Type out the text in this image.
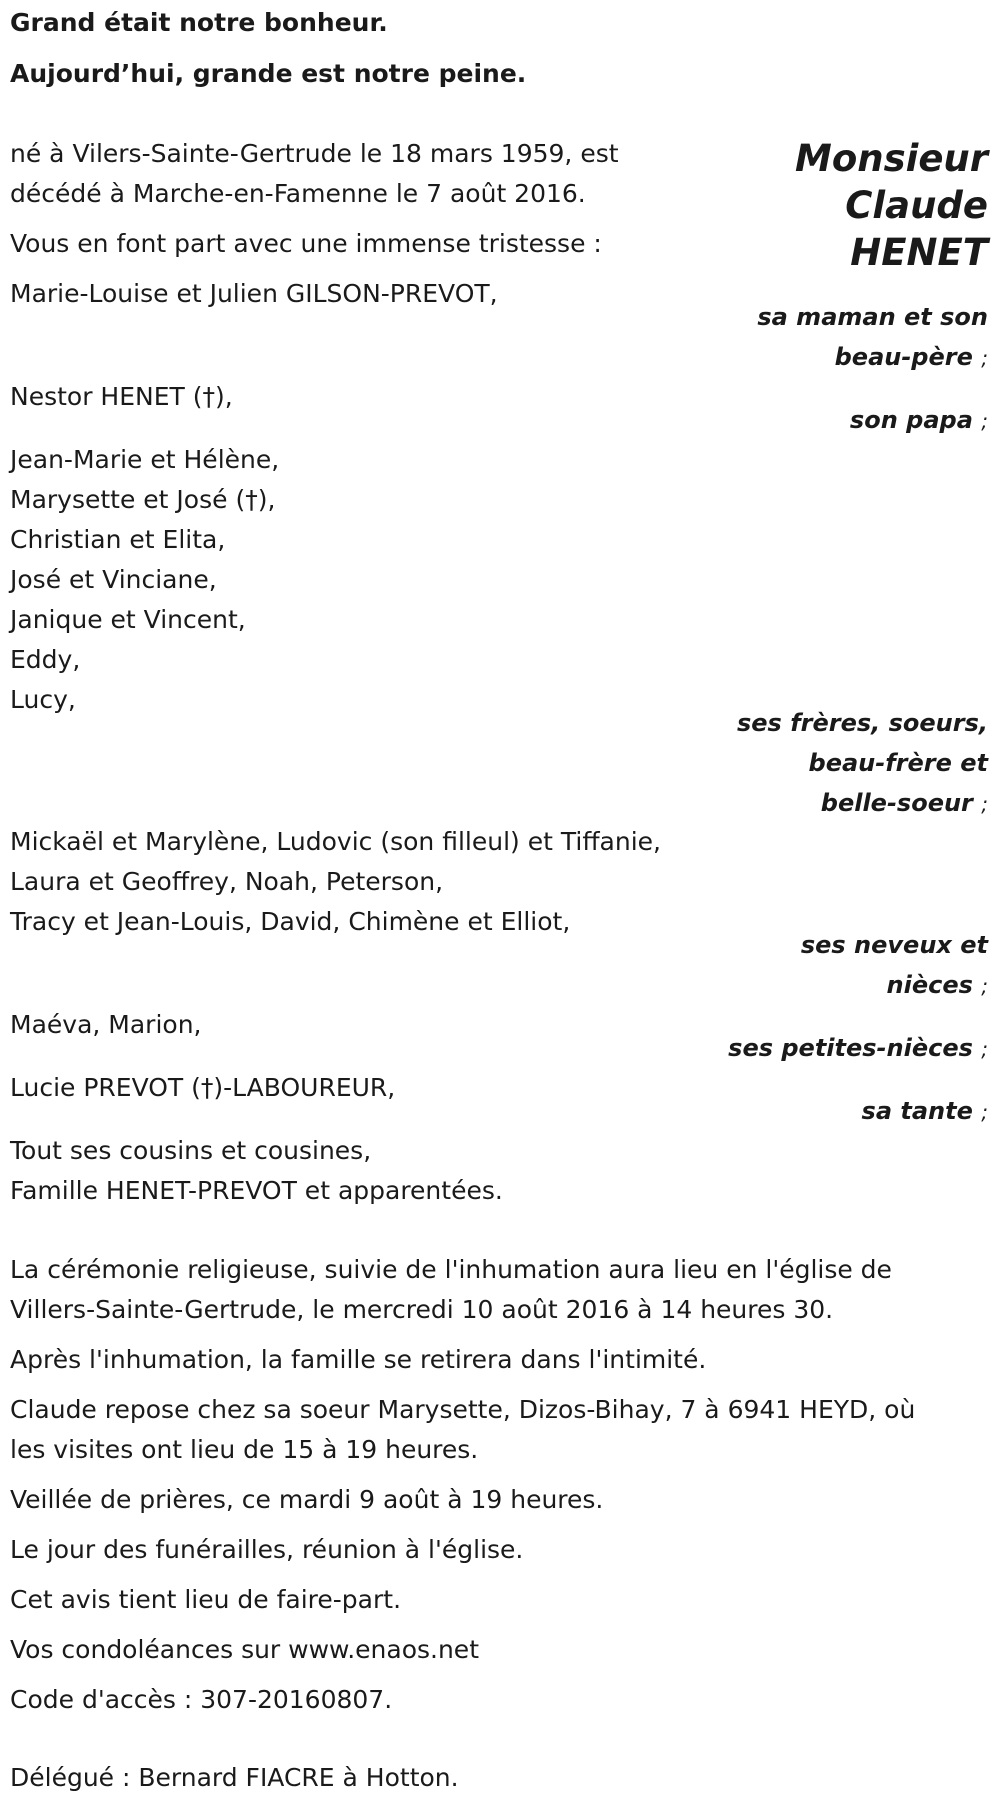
Grand était notre bonheur.
Aujourd’hui, grande est notre peine.
Monsieur
Claude
HENET
né à Vilers-Sainte-Gertrude le 18 mars 1959, est
décédé à Marche-en-Famenne le 7 août 2016.
Vous en font part avec une immense tristesse :
Marie-Louise et Julien GILSON-PREVOT,
Nestor HENET (†),
Jean-Marie et Hélène,
Marysette et José (†),
Christian et Elita,
José et Vinciane,
Janique et Vincent,
Eddy,
Lucy,
Mickaël et Marylène, Ludovic (son filleul) et Tiffanie,
Laura et Geoffrey, Noah, Peterson,
Tracy et Jean-Louis, David, Chimène et Elliot,
Maéva, Marion,
Lucie PREVOT (†)-LABOUREUR,
Tout ses cousins et cousines,
Famille HENET-PREVOT et apparentées.
sa maman et son
beau-père ;
son papa ;
ses frères, soeurs,
beau-frère et
belle-soeur ;
ses neveux et
nièces ;
ses petites-nièces ;
sa tante ;
La cérémonie religieuse, suivie de l'inhumation aura lieu en l'église de
Villers-Sainte-Gertrude, le mercredi 10 août 2016 à 14 heures 30.
Après l'inhumation, la famille se retirera dans l'intimité.
Claude repose chez sa soeur Marysette, Dizos-Bihay, 7 à 6941 HEYD, où
les visites ont lieu de 15 à 19 heures.
Veillée de prières, ce mardi 9 août à 19 heures.
Le jour des funérailles, réunion à l'église.
Cet avis tient lieu de faire-part.
Vos condoléances sur www.enaos.net
Code d'accès : 307-20160807.
Délégué : Bernard FIACRE à Hotton.
